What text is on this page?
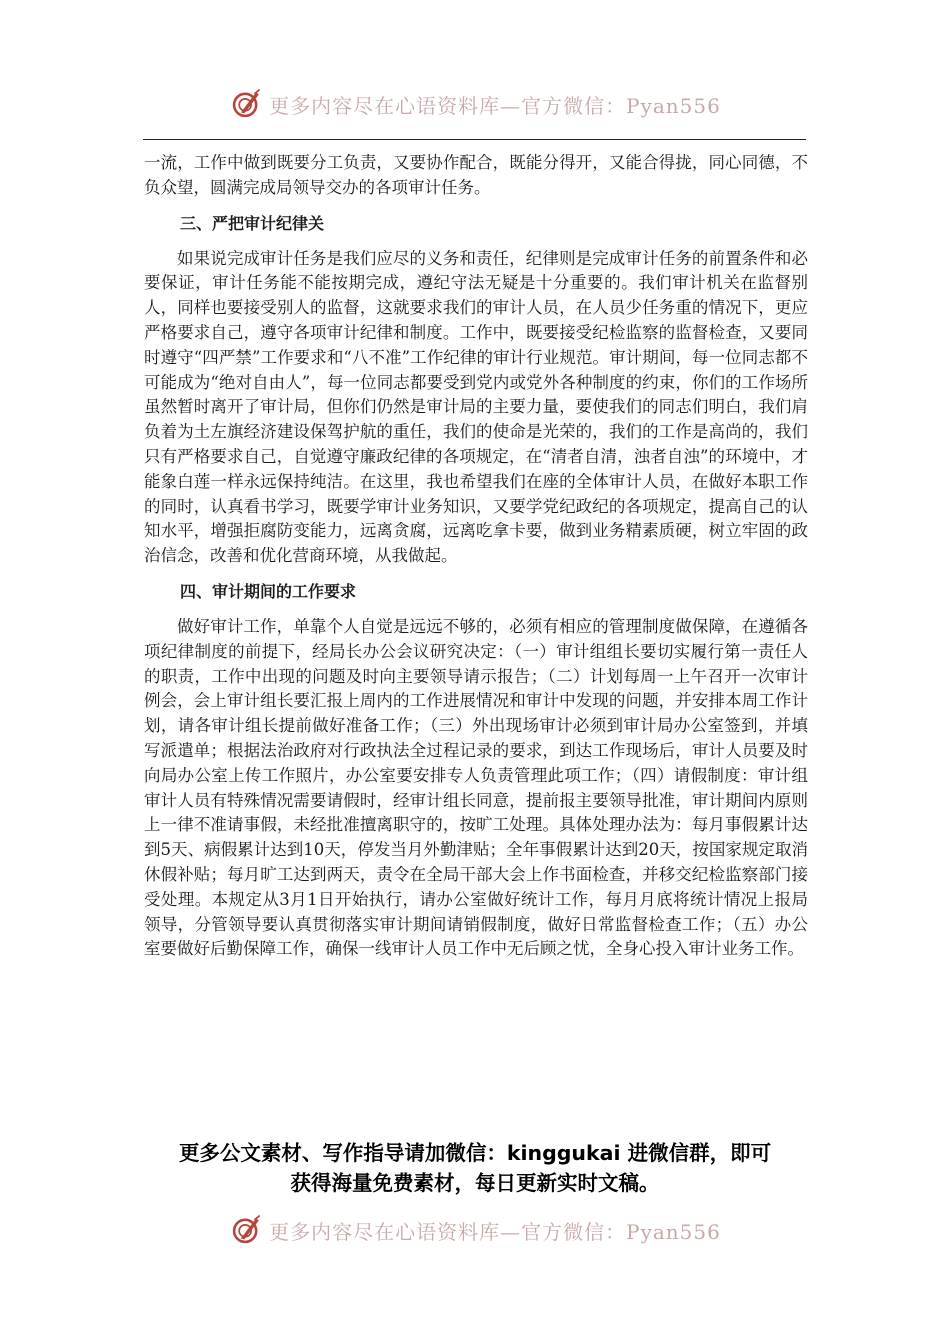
更多内容尽在心语资料库—官方微信：Pyan556

一流，工作中做到既要分工负责，又要协作配合，既能分得开，又能合得拢，同心同德，不负众望，圆满完成局领导交办的各项审计任务。

三、严把审计纪律关

如果说完成审计任务是我们应尽的义务和责任，纪律则是完成审计任务的前置条件和必要保证，审计任务能不能按期完成，遵纪守法无疑是十分重要的。我们审计机关在监督别人，同样也要接受别人的监督，这就要求我们的审计人员，在人员少任务重的情况下，更应严格要求自己，遵守各项审计纪律和制度。工作中，既要接受纪检监察的监督检查，又要同时遵守“四严禁”工作要求和“八不准”工作纪律的审计行业规范。审计期间，每一位同志都不可能成为“绝对自由人”，每一位同志都要受到党内或党外各种制度的约束，你们的工作场所虽然暂时离开了审计局，但你们仍然是审计局的主要力量，要使我们的同志们明白，我们肩负着为土左旗经济建设保驾护航的重任，我们的使命是光荣的，我们的工作是高尚的，我们只有严格要求自己，自觉遵守廉政纪律的各项规定，在“清者自清，浊者自浊”的环境中，才能象白莲一样永远保持纯洁。在这里，我也希望我们在座的全体审计人员，在做好本职工作的同时，认真看书学习，既要学审计业务知识，又要学党纪政纪的各项规定，提高自己的认知水平，增强拒腐防变能力，远离贪腐，远离吃拿卡要，做到业务精素质硬，树立牢固的政治信念，改善和优化营商环境，从我做起。

四、审计期间的工作要求

做好审计工作，单靠个人自觉是远远不够的，必须有相应的管理制度做保障，在遵循各项纪律制度的前提下，经局长办公会议研究决定：（一）审计组组长要切实履行第一责任人的职责，工作中出现的问题及时向主要领导请示报告；（二）计划每周一上午召开一次审计例会，会上审计组长要汇报上周内的工作进展情况和审计中发现的问题，并安排本周工作计划，请各审计组长提前做好准备工作；（三）外出现场审计必须到审计局办公室签到，并填写派遣单；根据法治政府对行政执法全过程记录的要求，到达工作现场后，审计人员要及时向局办公室上传工作照片，办公室要安排专人负责管理此项工作；（四）请假制度：审计组审计人员有特殊情况需要请假时，经审计组长同意，提前报主要领导批准，审计期间内原则上一律不准请事假，未经批准擅离职守的，按旷工处理。具体处理办法为：每月事假累计达到5天、病假累计达到10天，停发当月外勤津贴；全年事假累计达到20天，按国家规定取消休假补贴；每月旷工达到两天，责令在全局干部大会上作书面检查，并移交纪检监察部门接受处理。本规定从3月1日开始执行，请办公室做好统计工作，每月月底将统计情况上报局领导，分管领导要认真贯彻落实审计期间请销假制度，做好日常监督检查工作；（五）办公室要做好后勤保障工作，确保一线审计人员工作中无后顾之忧，全身心投入审计业务工作。

更多公文素材、写作指导请加微信：kinggukai 进微信群，即可
获得海量免费素材，每日更新实时文稿。
更多内容尽在心语资料库—官方微信：Pyan556
